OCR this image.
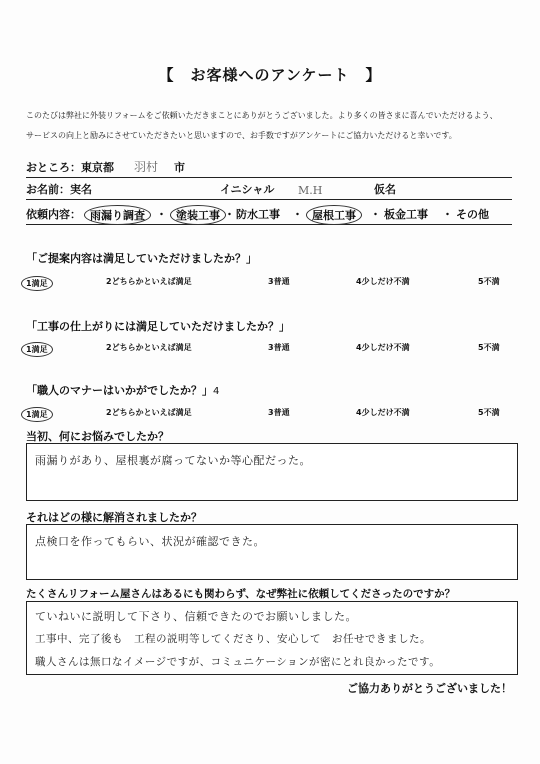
【　お客様へのアンケート　】
このたびは弊社に外装リフォームをご依頼いただきまことにありがとうございました。より多くの皆さまに喜んでいただけるよう、
サービスの向上と励みにさせていただきたいと思いますので、お手数ですがアンケートにご協力いただけると幸いです。
おところ：東京都 羽村 市
お名前：実名	イニシャル M.H	仮名
依頼内容： 雨漏り調査	・ 塗装工事 ・ 防水工事 ・ 屋根工事	・ 板金工事 ・ その他
「ご提案内容は満足していただけましたか？」
1満足	2どちらかといえば満足	3普通	4少しだけ不満	5不満
「工事の仕上がりには満足していただけましたか？」
1満足	2どちらかといえば満足	3普通	4少しだけ不満	5不満
「職人のマナーはいかがでしたか？」4
1満足	2どちらかといえば満足	3普通	4少しだけ不満	5不満
当初、何にお悩みでしたか？
雨漏りがあり、屋根裏が腐ってないか等心配だった。
それはどの様に解消されましたか？
点検口を作ってもらい、状況が確認できた。
たくさんリフォーム屋さんはあるにも関わらず、なぜ弊社に依頼してくださったのですか？
ていねいに説明して下さり、信頼できたのでお願いしました。
工事中、完了後も　工程の説明等してくださり、安心して　お任せできました。
職人さんは無口なイメージですが、コミュニケーションが密にとれ良かったです。
ご協力ありがとうございました！
